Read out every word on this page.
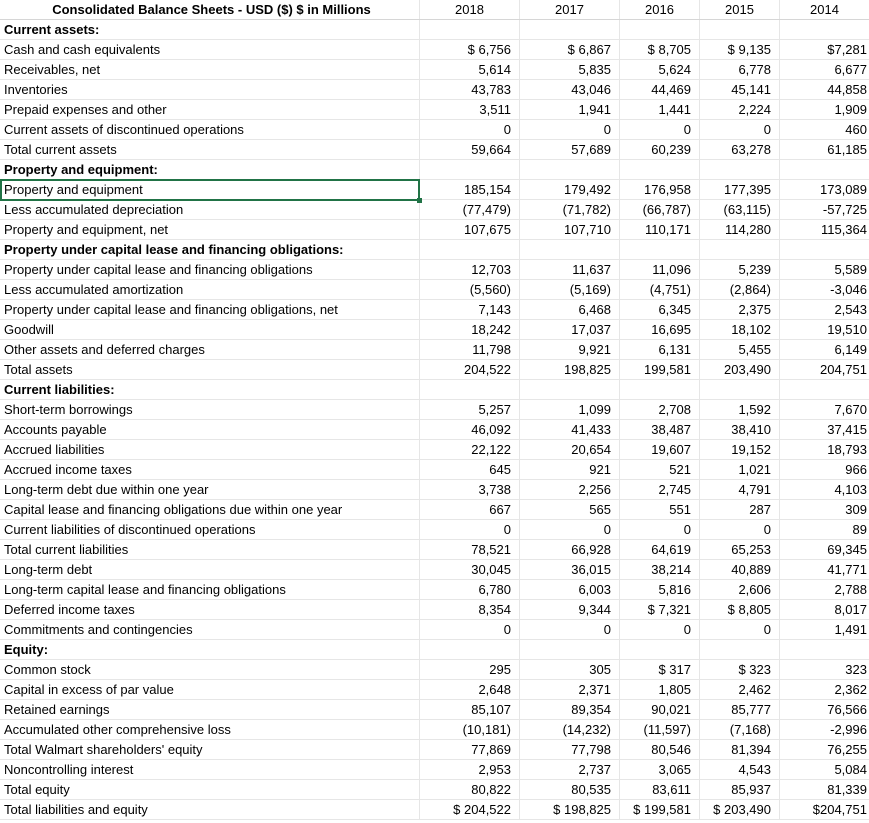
Consolidated Balance Sheets - USD ($) $ in Millions	2018	2017	2016	2015	2014
Current assets:
Cash and cash equivalents	$ 6,756	$ 6,867	$ 8,705	$ 9,135	$7,281
Receivables, net	5,614	5,835	5,624	6,778	6,677
Inventories	43,783	43,046	44,469	45,141	44,858
Prepaid expenses and other	3,511	1,941	1,441	2,224	1,909
Current assets of discontinued operations	0	0	0	0	460
Total current assets	59,664	57,689	60,239	63,278	61,185
Property and equipment:
Property and equipment	185,154	179,492	176,958	177,395	173,089
Less accumulated depreciation	(77,479)	(71,782)	(66,787)	(63,115)	-57,725
Property and equipment, net	107,675	107,710	110,171	114,280	115,364
Property under capital lease and financing obligations:
Property under capital lease and financing obligations	12,703	11,637	11,096	5,239	5,589
Less accumulated amortization	(5,560)	(5,169)	(4,751)	(2,864)	-3,046
Property under capital lease and financing obligations, net	7,143	6,468	6,345	2,375	2,543
Goodwill	18,242	17,037	16,695	18,102	19,510
Other assets and deferred charges	11,798	9,921	6,131	5,455	6,149
Total assets	204,522	198,825	199,581	203,490	204,751
Current liabilities:
Short-term borrowings	5,257	1,099	2,708	1,592	7,670
Accounts payable	46,092	41,433	38,487	38,410	37,415
Accrued liabilities	22,122	20,654	19,607	19,152	18,793
Accrued income taxes	645	921	521	1,021	966
Long-term debt due within one year	3,738	2,256	2,745	4,791	4,103
Capital lease and financing obligations due within one year	667	565	551	287	309
Current liabilities of discontinued operations	0	0	0	0	89
Total current liabilities	78,521	66,928	64,619	65,253	69,345
Long-term debt	30,045	36,015	38,214	40,889	41,771
Long-term capital lease and financing obligations	6,780	6,003	5,816	2,606	2,788
Deferred income taxes	8,354	9,344	$ 7,321	$ 8,805	8,017
Commitments and contingencies	0	0	0	0	1,491
Equity:
Common stock	295	305	$ 317	$ 323	323
Capital in excess of par value	2,648	2,371	1,805	2,462	2,362
Retained earnings	85,107	89,354	90,021	85,777	76,566
Accumulated other comprehensive loss	(10,181)	(14,232)	(11,597)	(7,168)	-2,996
Total Walmart shareholders' equity	77,869	77,798	80,546	81,394	76,255
Noncontrolling interest	2,953	2,737	3,065	4,543	5,084
Total equity	80,822	80,535	83,611	85,937	81,339
Total liabilities and equity	$ 204,522	$ 198,825	$ 199,581	$ 203,490	$204,751
